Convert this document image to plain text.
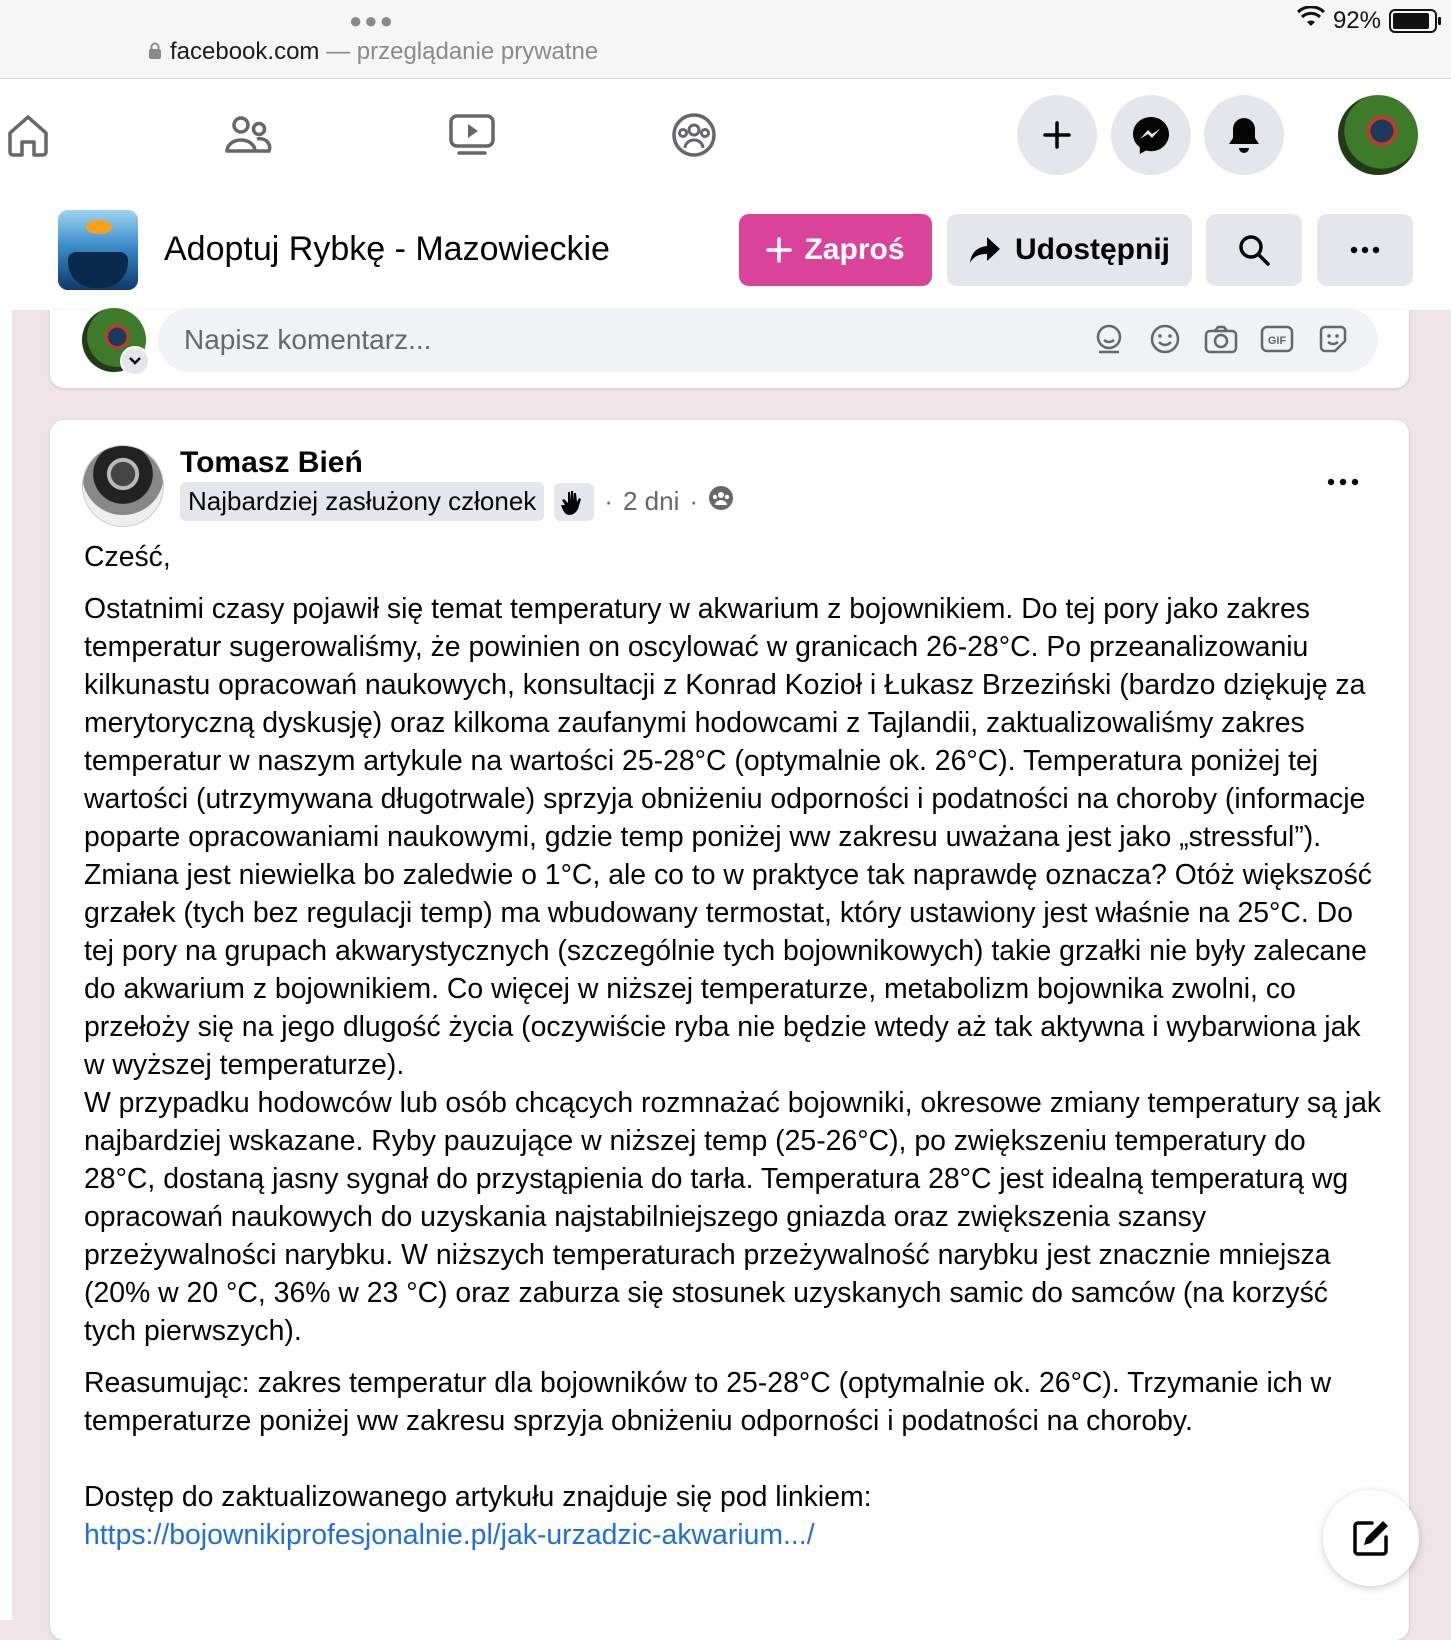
●●●
facebook.com — przeglądanie prywatne
92%
Adoptuj Rybkę - Mazowieckie	Zaproś	Udostępnij
Napisz komentarz...	GIF
Tomasz Bień
Najbardziej zasłużony członek	· 2 dni ·

Cześć,

Ostatnimi czasy pojawił się temat temperatury w akwarium z bojownikiem. Do tej pory jako zakres temperatur sugerowaliśmy, że powinien on oscylować w granicach 26-28°C. Po przeanalizowaniu kilkunastu opracowań naukowych, konsultacji z Konrad Kozioł i Łukasz Brzeziński (bardzo dziękuję za merytoryczną dyskusję) oraz kilkoma zaufanymi hodowcami z Tajlandii, zaktualizowaliśmy zakres temperatur w naszym artykule na wartości 25-28°C (optymalnie ok. 26°C). Temperatura poniżej tej wartości (utrzymywana długotrwale) sprzyja obniżeniu odporności i podatności na choroby (informacje poparte opracowaniami naukowymi, gdzie temp poniżej ww zakresu uważana jest jako „stressful”).

Zmiana jest niewielka bo zaledwie o 1°C, ale co to w praktyce tak naprawdę oznacza? Otóż większość grzałek (tych bez regulacji temp) ma wbudowany termostat, który ustawiony jest właśnie na 25°C. Do tej pory na grupach akwarystycznych (szczególnie tych bojownikowych) takie grzałki nie były zalecane do akwarium z bojownikiem. Co więcej w niższej temperaturze, metabolizm bojownika zwolni, co przełoży się na jego dlugość życia (oczywiście ryba nie będzie wtedy aż tak aktywna i wybarwiona jak w wyższej temperaturze).

W przypadku hodowców lub osób chcących rozmnażać bojowniki, okresowe zmiany temperatury są jak najbardziej wskazane. Ryby pauzujące w niższej temp (25-26°C), po zwiększeniu temperatury do 28°C, dostaną jasny sygnał do przystąpienia do tarła. Temperatura 28°C jest idealną temperaturą wg opracowań naukowych do uzyskania najstabilniejszego gniazda oraz zwiększenia szansy przeżywalności narybku. W niższych temperaturach przeżywalność narybku jest znacznie mniejsza (20% w 20 °C, 36% w 23 °C) oraz zaburza się stosunek uzyskanych samic do samców (na korzyść tych pierwszych).

Reasumując: zakres temperatur dla bojowników to 25-28°C (optymalnie ok. 26°C). Trzymanie ich w temperaturze poniżej ww zakresu sprzyja obniżeniu odporności i podatności na choroby.

Dostęp do zaktualizowanego artykułu znajduje się pod linkiem:

https://bojownikiprofesjonalnie.pl/jak-urzadzic-akwarium.../
